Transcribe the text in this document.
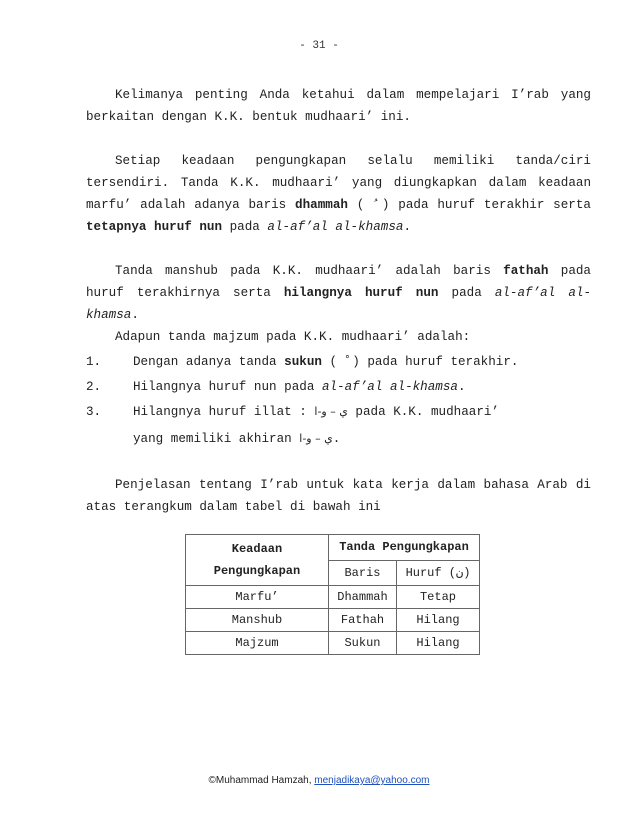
- 31 -

Kelimanya penting Anda ketahui dalam mempelajari I’rab yang berkaitan dengan K.K. bentuk mudhaari’ ini.

Setiap keadaan pengungkapan selalu memiliki tanda/ciri tersendiri. Tanda K.K. mudhaari’ yang diungkapkan dalam keadaan marfu’ adalah adanya baris dhammah ( ) pada huruf terakhir serta tetapnya huruf nun pada al-af’al al-khamsa.

Tanda manshub pada K.K. mudhaari’ adalah baris fathah pada huruf terakhirnya serta hilangnya huruf nun pada al-af’al al-khamsa.

Adapun tanda majzum pada K.K. mudhaari’ adalah:

1.	Dengan adanya tanda sukun ( ) pada huruf terakhir.
2.	Hilangnya huruf nun pada al-af’al al-khamsa.
3.	Hilangnya huruf illat : ي – و-ا pada K.K. mudhaari’

yang memiliki akhiran ي – و-ا.

Penjelasan tentang I’rab untuk kata kerja dalam bahasa Arab di atas terangkum dalam tabel di bawah ini

Keadaan
Pengungkapan	Tanda Pengungkapan	
	Baris	Huruf (ن)
Marfu’	Dhammah	Tetap
Manshub	Fathah	Hilang
Majzum	Sukun	Hilang
©Muhammad Hamzah, menjadikaya@yahoo.com
